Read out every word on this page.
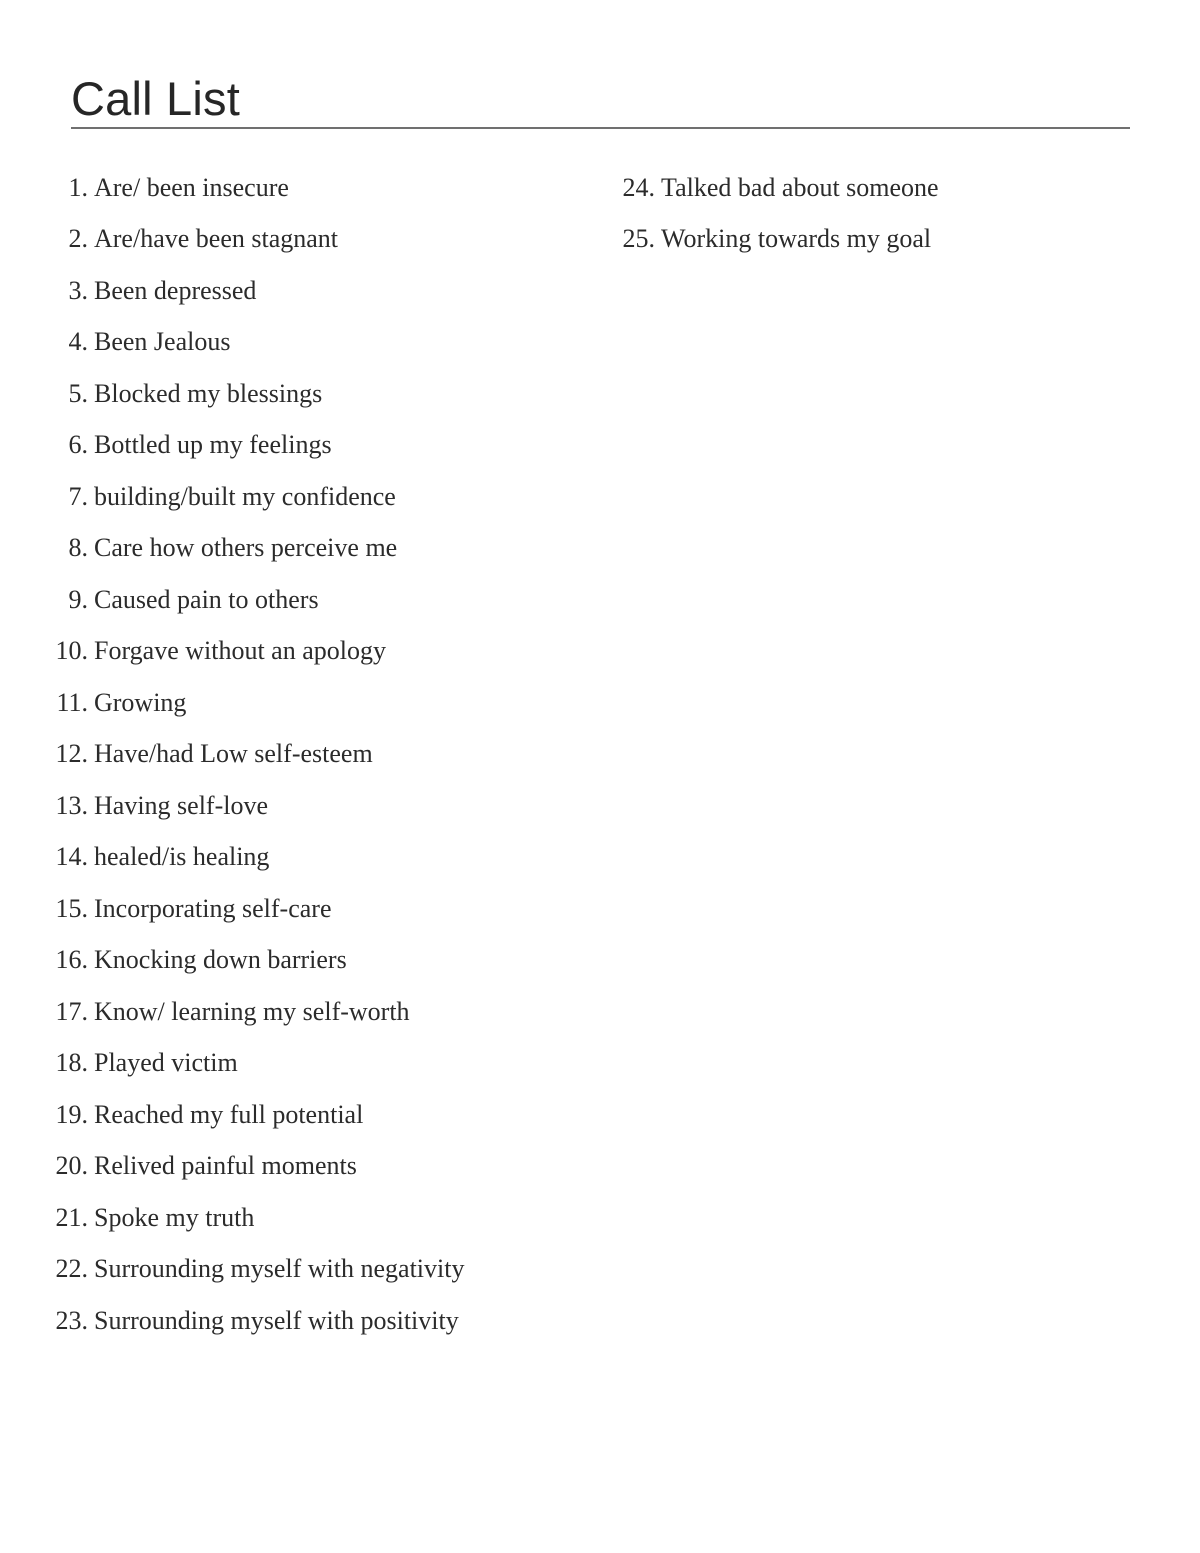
Call List
1. Are/ been insecure
2. Are/have been stagnant
3. Been depressed
4. Been Jealous
5. Blocked my blessings
6. Bottled up my feelings
7. building/built my confidence
8. Care how others perceive me
9. Caused pain to others
10. Forgave without an apology
11. Growing
12. Have/had Low self-esteem
13. Having self-love
14. healed/is healing
15. Incorporating self-care
16. Knocking down barriers
17. Know/ learning my self-worth
18. Played victim
19. Reached my full potential
20. Relived painful moments
21. Spoke my truth
22. Surrounding myself with negativity
23. Surrounding myself with positivity
24. Talked bad about someone
25. Working towards my goal
